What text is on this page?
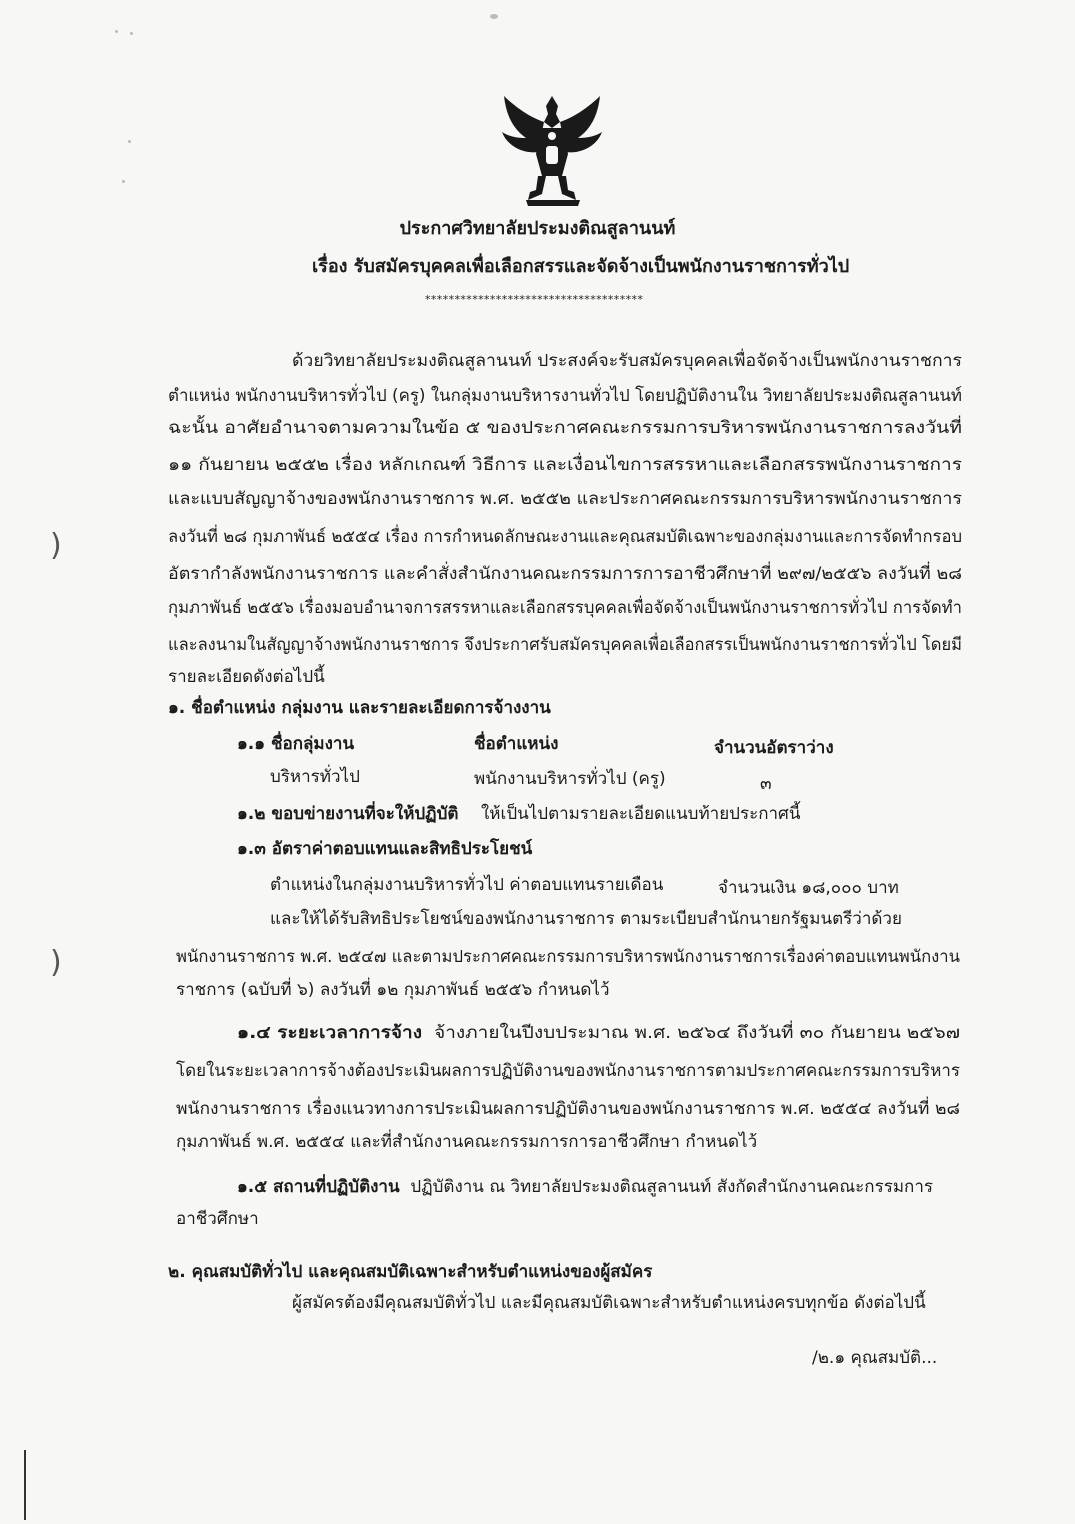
)
)
ประกาศวิทยาลัยประมงติณสูลานนท์
เรื่อง รับสมัครบุคคลเพื่อเลือกสรรและจัดจ้างเป็นพนักงานราชการทั่วไป
*************************************
ด้วยวิทยาลัยประมงติณสูลานนท์ ประสงค์จะรับสมัครบุคคลเพื่อจัดจ้างเป็นพนักงานราชการ
ตำแหน่ง พนักงานบริหารทั่วไป (ครู) ในกลุ่มงานบริหารงานทั่วไป โดยปฏิบัติงานใน วิทยาลัยประมงติณสูลานนท์
ฉะนั้น อาศัยอำนาจตามความในข้อ ๕ ของประกาศคณะกรรมการบริหารพนักงานราชการลงวันที่
๑๑ กันยายน ๒๕๕๒ เรื่อง หลักเกณฑ์ วิธีการ และเงื่อนไขการสรรหาและเลือกสรรพนักงานราชการ
และแบบสัญญาจ้างของพนักงานราชการ พ.ศ. ๒๕๕๒ และประกาศคณะกรรมการบริหารพนักงานราชการ
ลงวันที่ ๒๘ กุมภาพันธ์ ๒๕๕๔ เรื่อง การกำหนดลักษณะงานและคุณสมบัติเฉพาะของกลุ่มงานและการจัดทำกรอบ
อัตรากำลังพนักงานราชการ และคำสั่งสำนักงานคณะกรรมการการอาชีวศึกษาที่ ๒๙๗/๒๕๕๖ ลงวันที่ ๒๘
กุมภาพันธ์ ๒๕๕๖ เรื่องมอบอำนาจการสรรหาและเลือกสรรบุคคลเพื่อจัดจ้างเป็นพนักงานราชการทั่วไป การจัดทำ
และลงนามในสัญญาจ้างพนักงานราชการ จึงประกาศรับสมัครบุคคลเพื่อเลือกสรรเป็นพนักงานราชการทั่วไป โดยมี
รายละเอียดดังต่อไปนี้
๑. ชื่อตำแหน่ง กลุ่มงาน และรายละเอียดการจ้างงาน
๑.๑ ชื่อกลุ่มงาน	ชื่อตำแหน่ง	จำนวนอัตราว่าง
บริหารทั่วไป	พนักงานบริหารทั่วไป (ครู)	๓
๑.๒ ขอบข่ายงานที่จะให้ปฏิบัติ ให้เป็นไปตามรายละเอียดแนบท้ายประกาศนี้
๑.๓ อัตราค่าตอบแทนและสิทธิประโยชน์
ตำแหน่งในกลุ่มงานบริหารทั่วไป ค่าตอบแทนรายเดือน	จำนวนเงิน ๑๘,๐๐๐ บาท
และให้ได้รับสิทธิประโยชน์ของพนักงานราชการ ตามระเบียบสำนักนายกรัฐมนตรีว่าด้วย
พนักงานราชการ พ.ศ. ๒๕๔๗ และตามประกาศคณะกรรมการบริหารพนักงานราชการเรื่องค่าตอบแทนพนักงาน
ราชการ (ฉบับที่ ๖) ลงวันที่ ๑๒ กุมภาพันธ์ ๒๕๕๖ กำหนดไว้
๑.๔ ระยะเวลาการจ้าง จ้างภายในปีงบประมาณ พ.ศ. ๒๕๖๔ ถึงวันที่ ๓๐ กันยายน ๒๕๖๗
โดยในระยะเวลาการจ้างต้องประเมินผลการปฏิบัติงานของพนักงานราชการตามประกาศคณะกรรมการบริหาร
พนักงานราชการ เรื่องแนวทางการประเมินผลการปฏิบัติงานของพนักงานราชการ พ.ศ. ๒๕๕๔ ลงวันที่ ๒๘
กุมภาพันธ์ พ.ศ. ๒๕๕๔ และที่สำนักงานคณะกรรมการการอาชีวศึกษา กำหนดไว้
๑.๕ สถานที่ปฏิบัติงาน ปฏิบัติงาน ณ วิทยาลัยประมงติณสูลานนท์ สังกัดสำนักงานคณะกรรมการ
อาชีวศึกษา
๒. คุณสมบัติทั่วไป และคุณสมบัติเฉพาะสำหรับตำแหน่งของผู้สมัคร
ผู้สมัครต้องมีคุณสมบัติทั่วไป และมีคุณสมบัติเฉพาะสำหรับตำแหน่งครบทุกข้อ ดังต่อไปนี้
/๒.๑ คุณสมบัติ...
